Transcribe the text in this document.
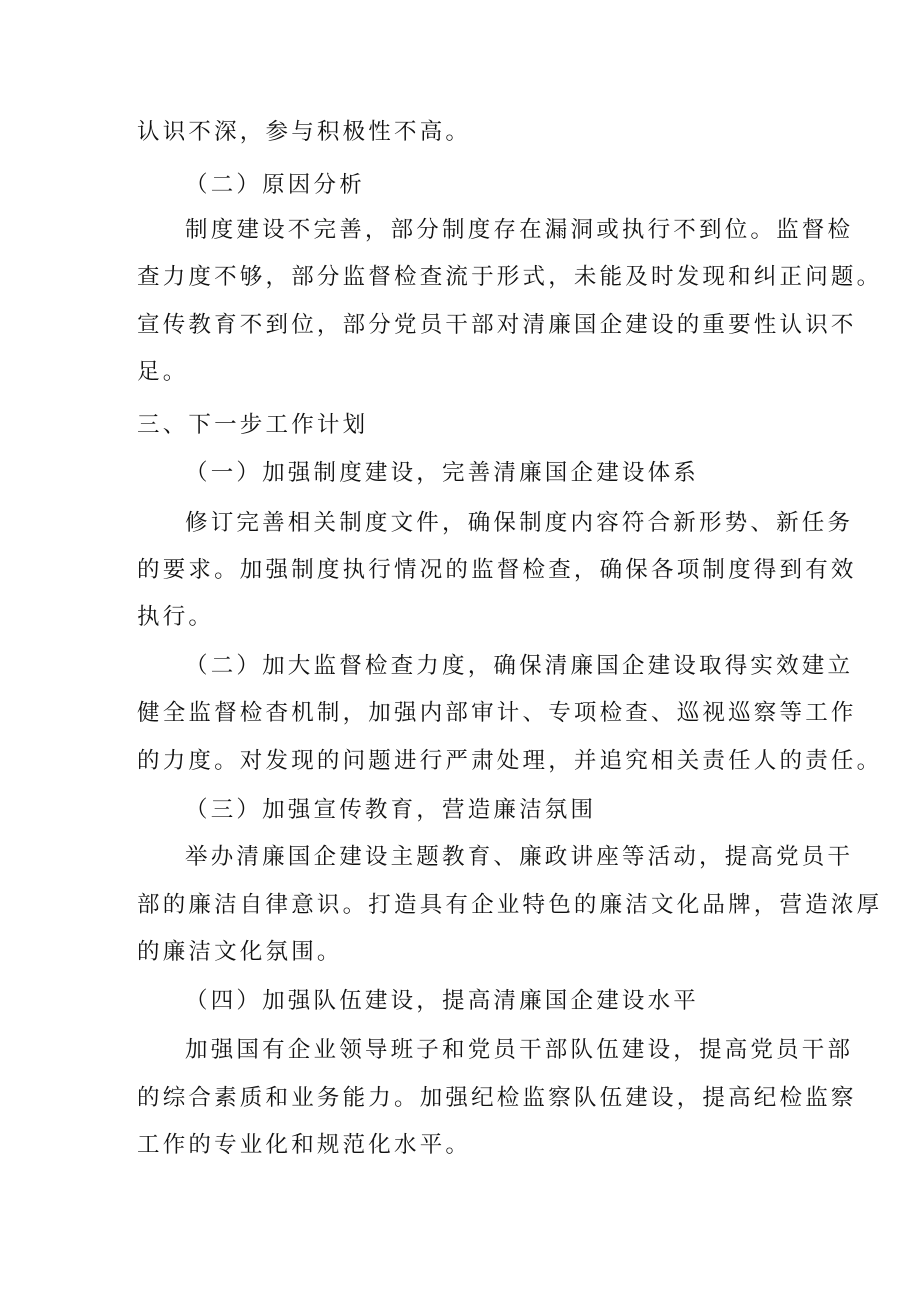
认识不深，参与积极性不高。
（二）原因分析
制度建设不完善，部分制度存在漏洞或执行不到位。监督检
查力度不够，部分监督检查流于形式，未能及时发现和纠正问题。
宣传教育不到位，部分党员干部对清廉国企建设的重要性认识不
足。
三、下一步工作计划
（一）加强制度建设，完善清廉国企建设体系
修订完善相关制度文件，确保制度内容符合新形势、新任务
的要求。加强制度执行情况的监督检查，确保各项制度得到有效
执行。
（二）加大监督检查力度，确保清廉国企建设取得实效建立
健全监督检杳机制，加强内部审计、专项检查、巡视巡察等工作
的力度。对发现的问题进行严肃处理，并追究相关责任人的责任。
（三）加强宣传教育，营造廉洁氛围
举办清廉国企建设主题教育、廉政讲座等活动，提高党员干
部的廉洁自律意识。打造具有企业特色的廉洁文化品牌，营造浓厚
的廉洁文化氛围。
（四）加强队伍建设，提高清廉国企建设水平
加强国有企业领导班子和党员干部队伍建设，提高党员干部
的综合素质和业务能力。加强纪检监察队伍建设，提高纪检监察
工作的专业化和规范化水平。
